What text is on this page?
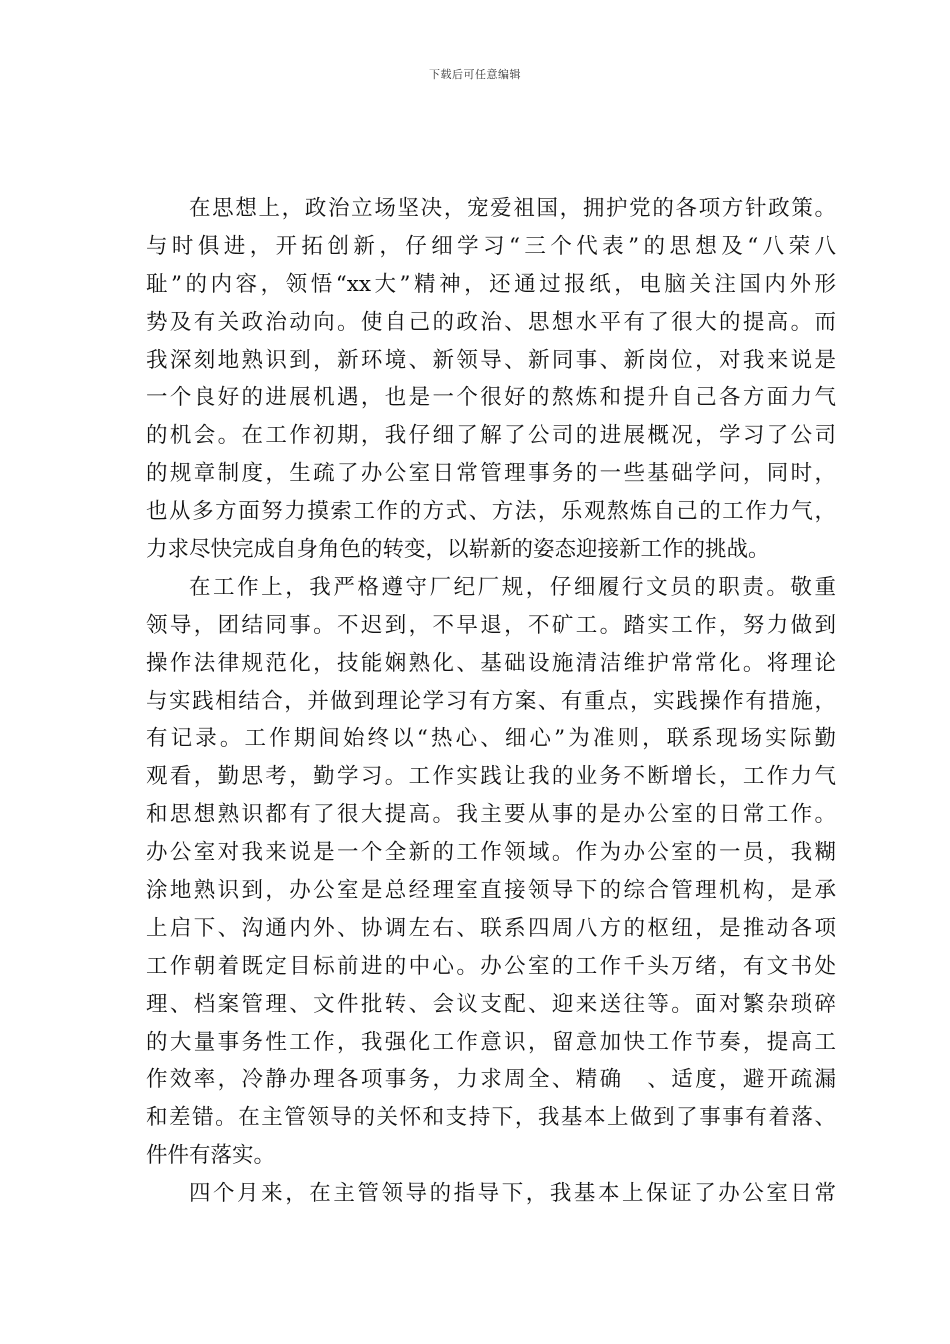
下载后可任意编辑
在思想上，政治立场坚决，宠爱祖国，拥护党的各项方针政策。
与时俱进，开拓创新，仔细学习“三个代表”的思想及“八荣八
耻”的内容，领悟“xx大”精神，还通过报纸，电脑关注国内外形
势及有关政治动向。使自己的政治、思想水平有了很大的提高。而
我深刻地熟识到，新环境、新领导、新同事、新岗位，对我来说是
一个良好的进展机遇，也是一个很好的熬炼和提升自己各方面力气
的机会。在工作初期，我仔细了解了公司的进展概况，学习了公司
的规章制度，生疏了办公室日常管理事务的一些基础学问，同时，
也从多方面努力摸索工作的方式、方法，乐观熬炼自己的工作力气，
力求尽快完成自身角色的转变，以崭新的姿态迎接新工作的挑战。
在工作上，我严格遵守厂纪厂规，仔细履行文员的职责。敬重
领导，团结同事。不迟到，不早退，不矿工。踏实工作，努力做到
操作法律规范化，技能娴熟化、基础设施清洁维护常常化。将理论
与实践相结合，并做到理论学习有方案、有重点，实践操作有措施，
有记录。工作期间始终以“热心、细心”为准则，联系现场实际勤
观看，勤思考，勤学习。工作实践让我的业务不断增长，工作力气
和思想熟识都有了很大提高。我主要从事的是办公室的日常工作。
办公室对我来说是一个全新的工作领域。作为办公室的一员，我糊
涂地熟识到，办公室是总经理室直接领导下的综合管理机构，是承
上启下、沟通内外、协调左右、联系四周八方的枢纽，是推动各项
工作朝着既定目标前进的中心。办公室的工作千头万绪，有文书处
理、档案管理、文件批转、会议支配、迎来送往等。面对繁杂琐碎
的大量事务性工作，我强化工作意识，留意加快工作节奏，提高工
作效率，冷静办理各项事务，力求周全、精确　、适度，避开疏漏
和差错。在主管领导的关怀和支持下，我基本上做到了事事有着落、
件件有落实。
四个月来，在主管领导的指导下，我基本上保证了办公室日常
